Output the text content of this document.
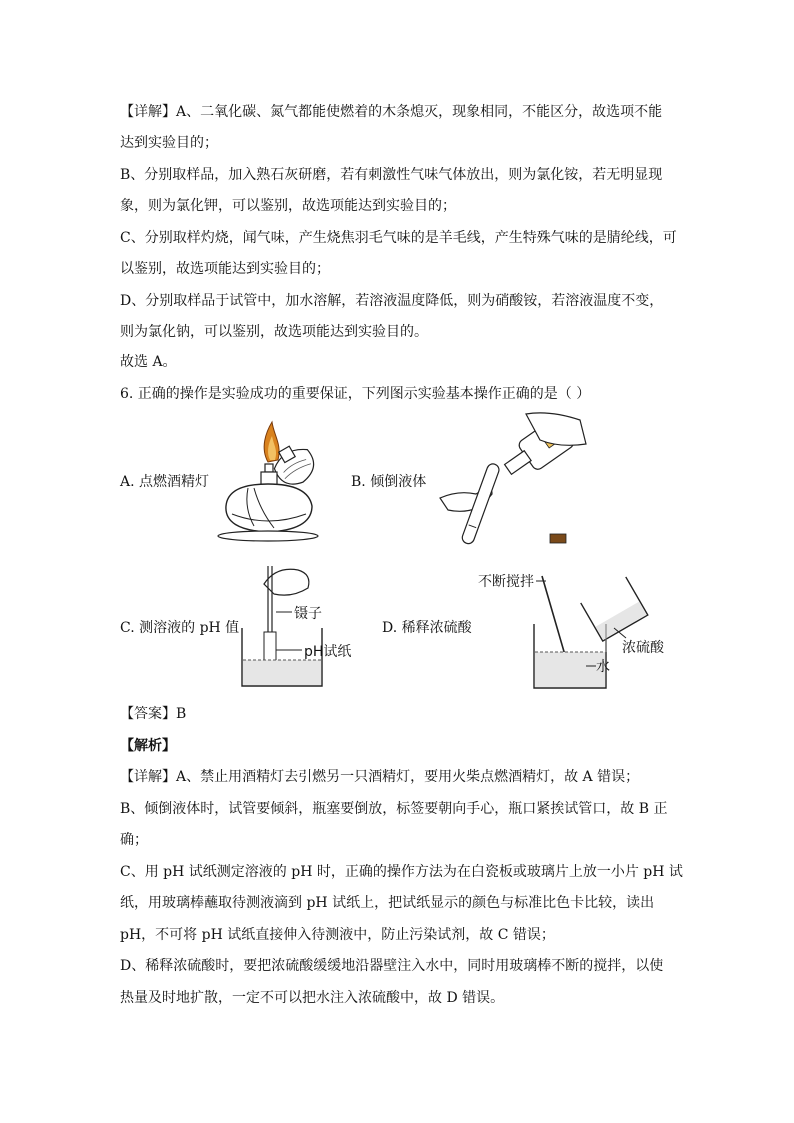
【详解】A、二氧化碳、氮气都能使燃着的木条熄灭，现象相同，不能区分，故选项不能
达到实验目的；
B、分别取样品，加入熟石灰研磨，若有刺激性气味气体放出，则为氯化铵，若无明显现
象，则为氯化钾，可以鉴别，故选项能达到实验目的；
C、分别取样灼烧，闻气味，产生烧焦羽毛气味的是羊毛线，产生特殊气味的是腈纶线，可
以鉴别，故选项能达到实验目的；
D、分别取样品于试管中，加水溶解，若溶液温度降低，则为硝酸铵，若溶液温度不变，
则为氯化钠，可以鉴别，故选项能达到实验目的。
故选 A。
6. 正确的操作是实验成功的重要保证，下列图示实验基本操作正确的是（ ）
A. 点燃酒精灯	B. 倾倒液体
C. 测溶液的 pH 值	D. 稀释浓硫酸
镊子
pH试纸
不断搅拌
浓硫酸
水
【答案】B
【解析】
【详解】A、禁止用酒精灯去引燃另一只酒精灯，要用火柴点燃酒精灯，故 A 错误；
B、倾倒液体时，试管要倾斜，瓶塞要倒放，标签要朝向手心，瓶口紧挨试管口，故 B 正
确；
C、用 pH 试纸测定溶液的 pH 时，正确的操作方法为在白瓷板或玻璃片上放一小片 pH 试
纸，用玻璃棒蘸取待测液滴到 pH 试纸上，把试纸显示的颜色与标准比色卡比较，读出
pH，不可将 pH 试纸直接伸入待测液中，防止污染试剂，故 C 错误；
D、稀释浓硫酸时，要把浓硫酸缓缓地沿器壁注入水中，同时用玻璃棒不断的搅拌，以使
热量及时地扩散，一定不可以把水注入浓硫酸中，故 D 错误。
